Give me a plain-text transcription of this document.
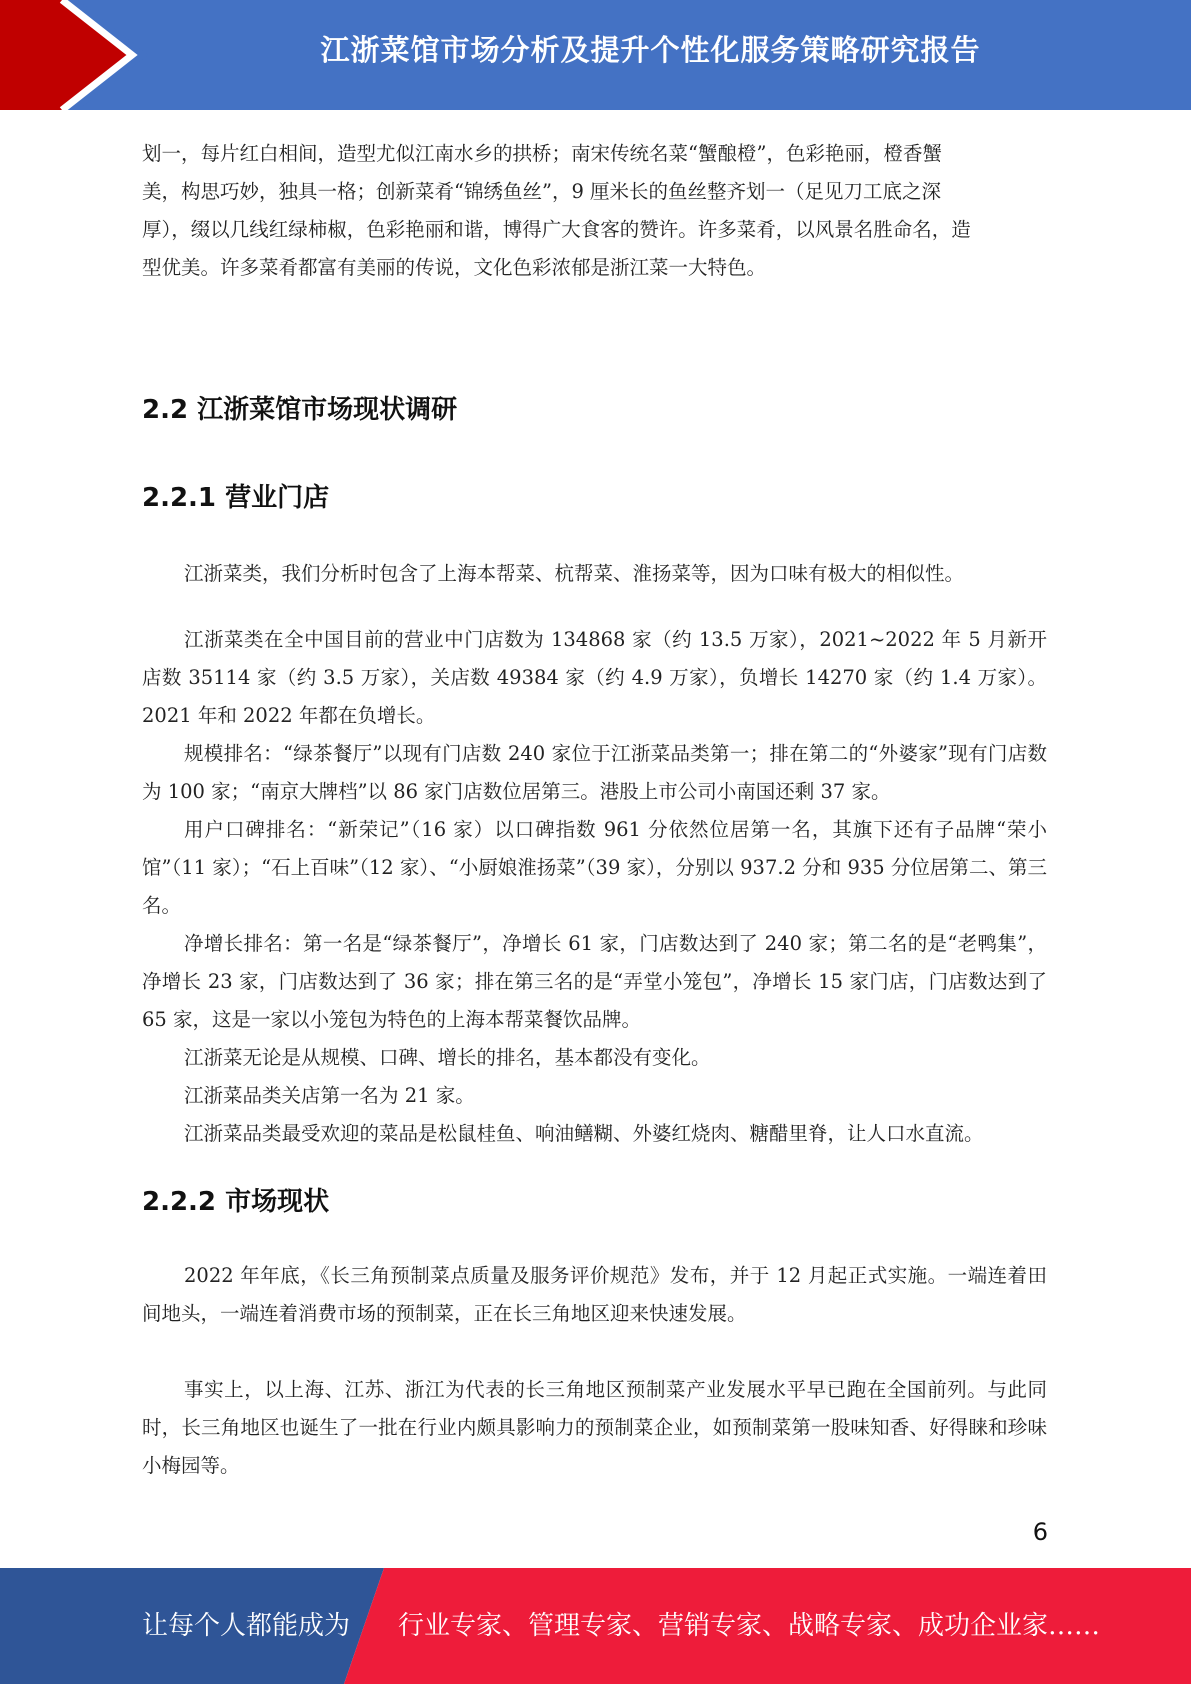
江浙菜馆市场分析及提升个性化服务策略研究报告

划一，每片红白相间，造型尤似江南水乡的拱桥；南宋传统名菜“蟹酿橙”，色彩艳丽，橙香蟹
美，构思巧妙，独具一格；创新菜肴“锦绣鱼丝”，9 厘米长的鱼丝整齐划一（足见刀工底之深
厚），缀以几线红绿柿椒，色彩艳丽和谐，博得广大食客的赞许。许多菜肴，以风景名胜命名，造
型优美。许多菜肴都富有美丽的传说，文化色彩浓郁是浙江菜一大特色。

2.2 江浙菜馆市场现状调研
2.2.1 营业门店

江浙菜类，我们分析时包含了上海本帮菜、杭帮菜、淮扬菜等，因为口味有极大的相似性。

江浙菜类在全中国目前的营业中门店数为 134868 家（约 13.5 万家），2021~2022 年 5 月新开店数 35114 家（约 3.5 万家），关店数 49384 家（约 4.9 万家），负增长 14270 家（约 1.4 万家）。2021 年和 2022 年都在负增长。

规模排名：“绿茶餐厅”以现有门店数 240 家位于江浙菜品类第一；排在第二的“外婆家”现有门店数为 100 家；“南京大牌档”以 86 家门店数位居第三。港股上市公司小南国还剩 37 家。

用户口碑排名：“新荣记”（16 家）以口碑指数 961 分依然位居第一名，其旗下还有子品牌“荣小馆”（11 家）；“石上百味”（12 家）、“小厨娘淮扬菜”（39 家），分别以 937.2 分和 935 分位居第二、第三名。

净增长排名：第一名是“绿茶餐厅”，净增长 61 家，门店数达到了 240 家；第二名的是“老鸭集”，净增长 23 家，门店数达到了 36 家；排在第三名的是“弄堂小笼包”，净增长 15 家门店，门店数达到了 65 家，这是一家以小笼包为特色的上海本帮菜餐饮品牌。

江浙菜无论是从规模、口碑、增长的排名，基本都没有变化。

江浙菜品类关店第一名为 21 家。

江浙菜品类最受欢迎的菜品是松鼠桂鱼、响油鳝糊、外婆红烧肉、糖醋里脊，让人口水直流。

2.2.2 市场现状

2022 年年底，《长三角预制菜点质量及服务评价规范》发布，并于 12 月起正式实施。一端连着田间地头，一端连着消费市场的预制菜，正在长三角地区迎来快速发展。

事实上，以上海、江苏、浙江为代表的长三角地区预制菜产业发展水平早已跑在全国前列。与此同时，长三角地区也诞生了一批在行业内颇具影响力的预制菜企业，如预制菜第一股味知香、好得睐和珍味小梅园等。

6
让每个人都能成为 行业专家、管理专家、营销专家、战略专家、成功企业家……
